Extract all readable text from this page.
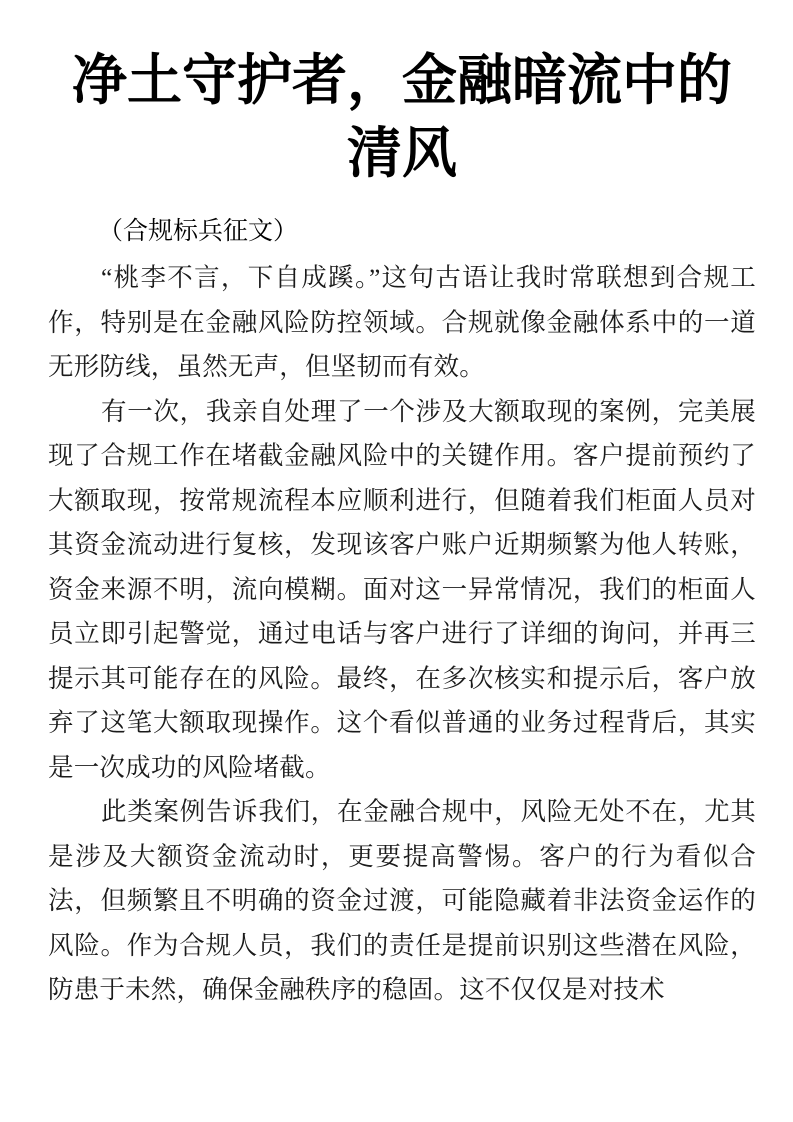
净土守护者，金融暗流中的清风

（合规标兵征文）

“桃李不言，下自成蹊。”这句古语让我时常联想到合规工作，特别是在金融风险防控领域。合规就像金融体系中的一道无形防线，虽然无声，但坚韧而有效。

有一次，我亲自处理了一个涉及大额取现的案例，完美展现了合规工作在堵截金融风险中的关键作用。客户提前预约了大额取现，按常规流程本应顺利进行，但随着我们柜面人员对其资金流动进行复核，发现该客户账户近期频繁为他人转账，资金来源不明，流向模糊。面对这一异常情况，我们的柜面人员立即引起警觉，通过电话与客户进行了详细的询问，并再三提示其可能存在的风险。最终，在多次核实和提示后，客户放弃了这笔大额取现操作。这个看似普通的业务过程背后，其实是一次成功的风险堵截。

此类案例告诉我们，在金融合规中，风险无处不在，尤其是涉及大额资金流动时，更要提高警惕。客户的行为看似合法，但频繁且不明确的资金过渡，可能隐藏着非法资金运作的风险。作为合规人员，我们的责任是提前识别这些潜在风险，防患于未然，确保金融秩序的稳固。这不仅仅是对技术
